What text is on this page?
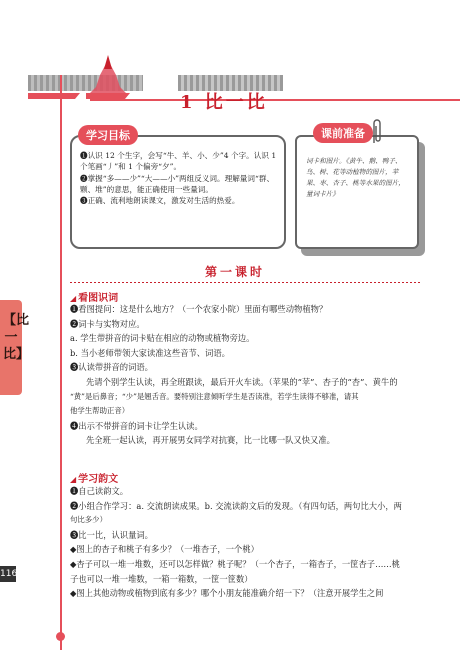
1 比一比
【比一比】
116
学习目标
❶认识 12 个生字，会写“牛、羊、小、少”4 个字。认识 1 个笔画“丿”和 1 个偏旁“夕”。
❷掌握“多——少”“大——小”两组反义词。理解量词“群、颗、堆”的意思，能正确使用一些量词。
❸正确、流利地朗读课文，激发对生活的热爱。
课前准备
词卡和图片。《黄牛、鹅、鸭子、鸟、树、花等动植物的图片，苹果、枣、杏子、桃等水果的图片，量词卡片》
第一课时
◢ 看图识词
❶看图提问：这是什么地方？（一个农家小院）里面有哪些动物植物？
❷词卡与实物对应。
a. 学生带拼音的词卡贴在相应的动物或植物旁边。
b. 当小老师带领大家读准这些音节、词语。
❸认读带拼音的词语。
先请个别学生认读，再全班跟读，最后开火车读。（苹果的“苹”、杏子的“杏”、黄牛的
“黄”是后鼻音；“少”是翘舌音。要特别注意倾听学生是否读准，若学生读得不够准，请其
他学生帮助正音）
❹出示不带拼音的词卡让学生认读。
先全班一起认读，再开展男女同学对抗赛，比一比哪一队又快又准。
◢ 学习韵文
❶自己读韵文。
❷小组合作学习：a. 交流朗读成果。b. 交流读韵文后的发现。（有四句话，两句比大小，两
句比多少）
❸比一比，认识量词。
◆图上的杏子和桃子有多少？（一堆杏子，一个桃）
◆杏子可以一堆一堆数，还可以怎样做？桃子呢？（一个杏子，一箱杏子，一筐杏子……桃
子也可以一堆一堆数，一箱一箱数，一筐一筐数）
◆图上其他动物或植物到底有多少？哪个小朋友能准确介绍一下？（注意开展学生之间
